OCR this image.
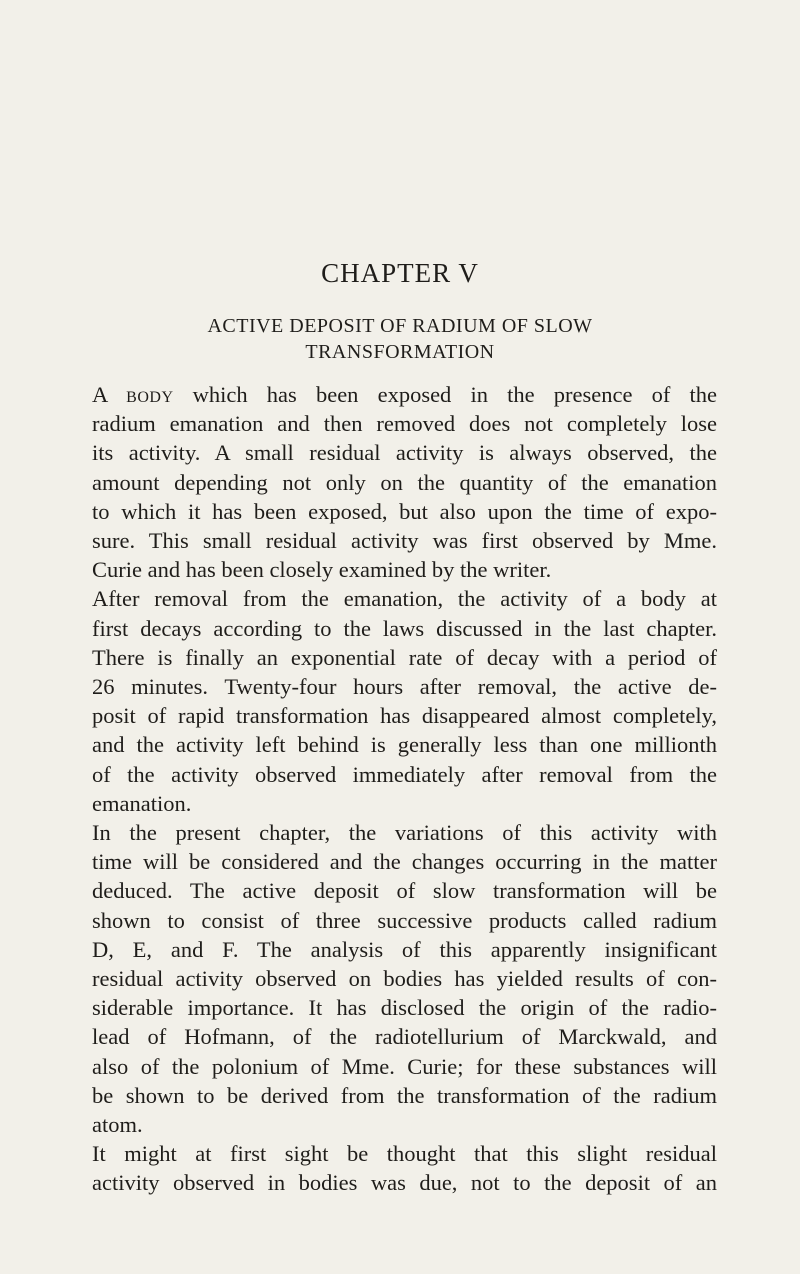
CHAPTER V
ACTIVE DEPOSIT OF RADIUM OF SLOW
TRANSFORMATION

A body which has been exposed in the presence of the
radium emanation and then removed does not completely lose
its activity. A small residual activity is always observed, the
amount depending not only on the quantity of the emanation
to which it has been exposed, but also upon the time of expo-
sure. This small residual activity was first observed by Mme.
Curie and has been closely examined by the writer.

After removal from the emanation, the activity of a body at
first decays according to the laws discussed in the last chapter.
There is finally an exponential rate of decay with a period of
26 minutes. Twenty-four hours after removal, the active de-
posit of rapid transformation has disappeared almost completely,
and the activity left behind is generally less than one millionth
of the activity observed immediately after removal from the
emanation.

In the present chapter, the variations of this activity with
time will be considered and the changes occurring in the matter
deduced. The active deposit of slow transformation will be
shown to consist of three successive products called radium
D, E, and F. The analysis of this apparently insignificant
residual activity observed on bodies has yielded results of con-
siderable importance. It has disclosed the origin of the radio-
lead of Hofmann, of the radiotellurium of Marckwald, and
also of the polonium of Mme. Curie; for these substances will
be shown to be derived from the transformation of the radium
atom.

It might at first sight be thought that this slight residual
activity observed in bodies was due, not to the deposit of an
